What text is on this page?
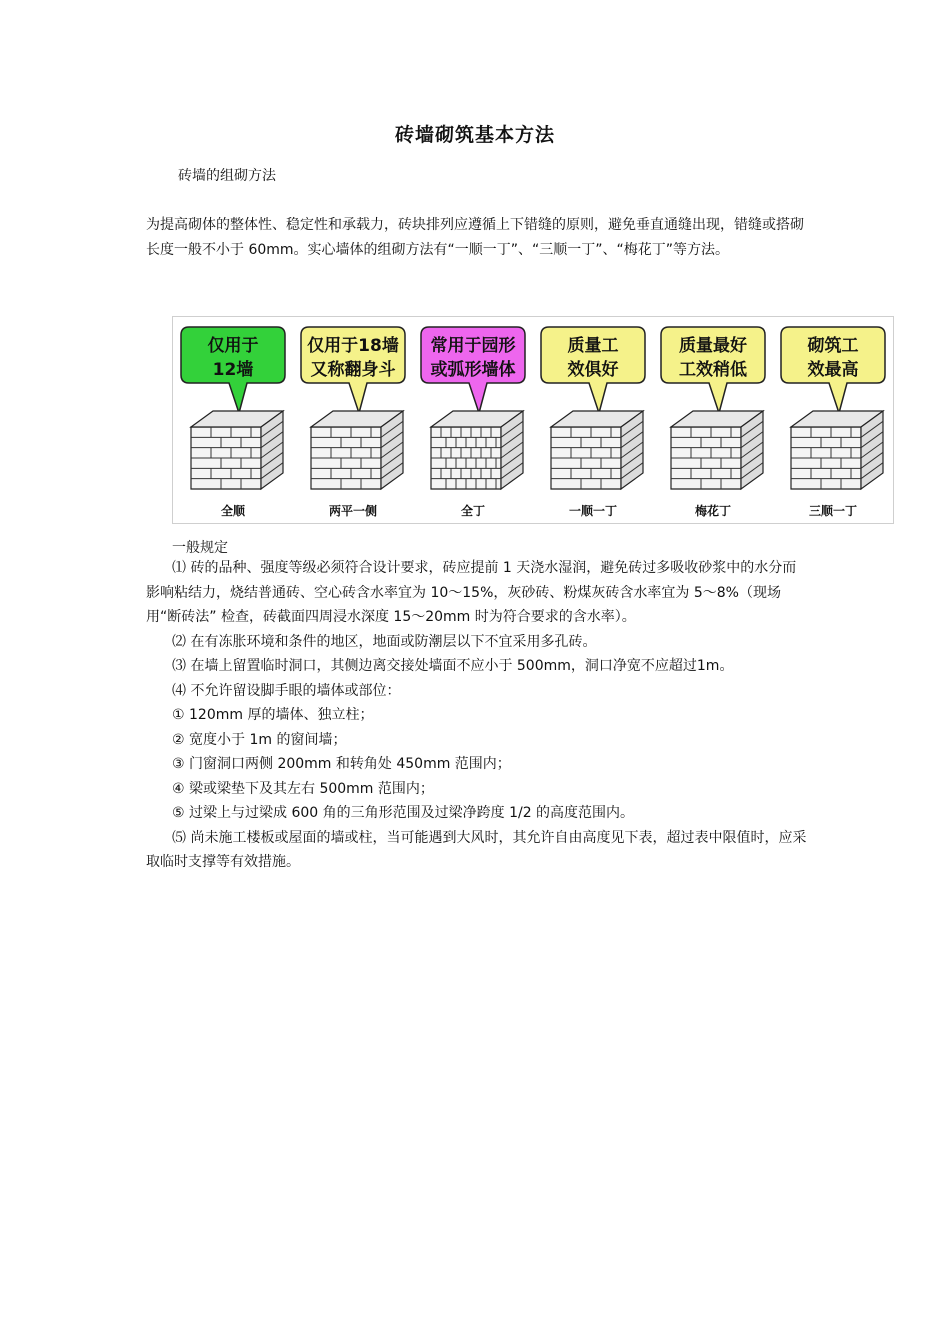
砖墙砌筑基本方法
砖墙的组砌方法
为提高砌体的整体性、稳定性和承载力，砖块排列应遵循上下错缝的原则，避免垂直通缝出现，错缝或搭砌长度一般不小于 60mm。实心墙体的组砌方法有“一顺一丁”、“三顺一丁”、“梅花丁”等方法。
仅用于
12墙
全顺
仅用于18墙
又称翻身斗
两平一侧
常用于园形
或弧形墙体
全丁
质量工
效俱好
一顺一丁
质量最好
工效稍低
梅花丁
砌筑工
效最高
三顺一丁
一般规定
⑴ 砖的品种、强度等级必须符合设计要求，砖应提前 1 天浇水湿润，避免砖过多吸收砂浆中的水分而影响粘结力，烧结普通砖、空心砖含水率宜为 10～15%，灰砂砖、粉煤灰砖含水率宜为 5～8%（现场用“断砖法” 检查，砖截面四周浸水深度 15～20mm 时为符合要求的含水率）。
⑵ 在有冻胀环境和条件的地区，地面或防潮层以下不宜采用多孔砖。
⑶ 在墙上留置临时洞口，其侧边离交接处墙面不应小于 500mm，洞口净宽不应超过1m。
⑷ 不允许留设脚手眼的墙体或部位：
① 120mm 厚的墙体、独立柱；
② 宽度小于 1m 的窗间墙；
③ 门窗洞口两侧 200mm 和转角处 450mm 范围内；
④ 梁或梁垫下及其左右 500mm 范围内；
⑤ 过梁上与过梁成 600 角的三角形范围及过梁净跨度 1/2 的高度范围内。
⑸ 尚未施工楼板或屋面的墙或柱，当可能遇到大风时，其允许自由高度见下表，超过表中限值时，应采取临时支撑等有效措施。
